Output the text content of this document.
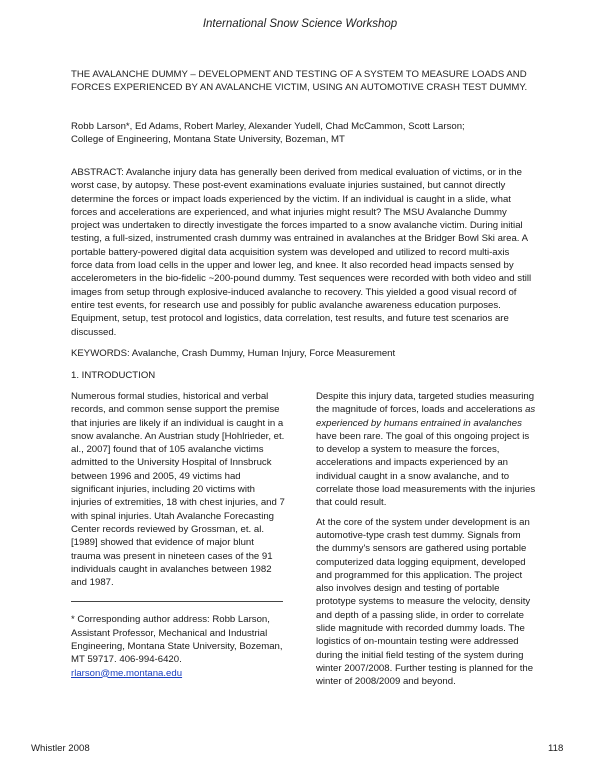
International Snow Science Workshop
THE AVALANCHE DUMMY – DEVELOPMENT AND TESTING OF A SYSTEM TO MEASURE LOADS AND FORCES EXPERIENCED BY AN AVALANCHE VICTIM, USING AN AUTOMOTIVE CRASH TEST DUMMY.
Robb Larson*, Ed Adams, Robert Marley, Alexander Yudell, Chad McCammon, Scott Larson;
College of Engineering, Montana State University, Bozeman, MT
ABSTRACT: Avalanche injury data has generally been derived from medical evaluation of victims, or in the worst case, by autopsy. These post-event examinations evaluate injuries sustained, but cannot directly determine the forces or impact loads experienced by the victim. If an individual is caught in a slide, what forces and accelerations are experienced, and what injuries might result? The MSU Avalanche Dummy project was undertaken to directly investigate the forces imparted to a snow avalanche victim. During initial testing, a full-sized, instrumented crash dummy was entrained in avalanches at the Bridger Bowl Ski area. A portable battery-powered digital data acquisition system was developed and utilized to record multi-axis force data from load cells in the upper and lower leg, and knee. It also recorded head impacts sensed by accelerometers in the bio-fidelic ~200-pound dummy. Test sequences were recorded with both video and still images from setup through explosive-induced avalanche to recovery. This yielded a good visual record of entire test events, for research use and possibly for public avalanche awareness education purposes. Equipment, setup, test protocol and logistics, data correlation, test results, and future test scenarios are discussed.
KEYWORDS: Avalanche, Crash Dummy, Human Injury, Force Measurement
1. INTRODUCTION

Numerous formal studies, historical and verbal records, and common sense support the premise that injuries are likely if an individual is caught in a snow avalanche. An Austrian study [Hohlrieder, et. al., 2007] found that of 105 avalanche victims admitted to the University Hospital of Innsbruck between 1996 and 2005, 49 victims had significant injuries, including 20 victims with injuries of extremities, 18 with chest injuries, and 7 with spinal injuries. Utah Avalanche Forecasting Center records reviewed by Grossman, et. al. [1989] showed that evidence of major blunt trauma was present in nineteen cases of the 91 individuals caught in avalanches between 1982 and 1987.

* Corresponding author address: Robb Larson, Assistant Professor, Mechanical and Industrial Engineering, Montana State University, Bozeman, MT 59717. 406-994-6420.
rlarson@me.montana.edu

Despite this injury data, targeted studies measuring the magnitude of forces, loads and accelerations as experienced by humans entrained in avalanches have been rare. The goal of this ongoing project is to develop a system to measure the forces, accelerations and impacts experienced by an individual caught in a snow avalanche, and to correlate those load measurements with the injuries that could result.

At the core of the system under development is an automotive-type crash test dummy. Signals from the dummy's sensors are gathered using portable computerized data logging equipment, developed and programmed for this application. The project also involves design and testing of portable prototype systems to measure the velocity, density and depth of a passing slide, in order to correlate slide magnitude with recorded dummy loads. The logistics of on-mountain testing were addressed during the initial field testing of the system during winter 2007/2008. Further testing is planned for the winter of 2008/2009 and beyond.

Whistler 2008	118
